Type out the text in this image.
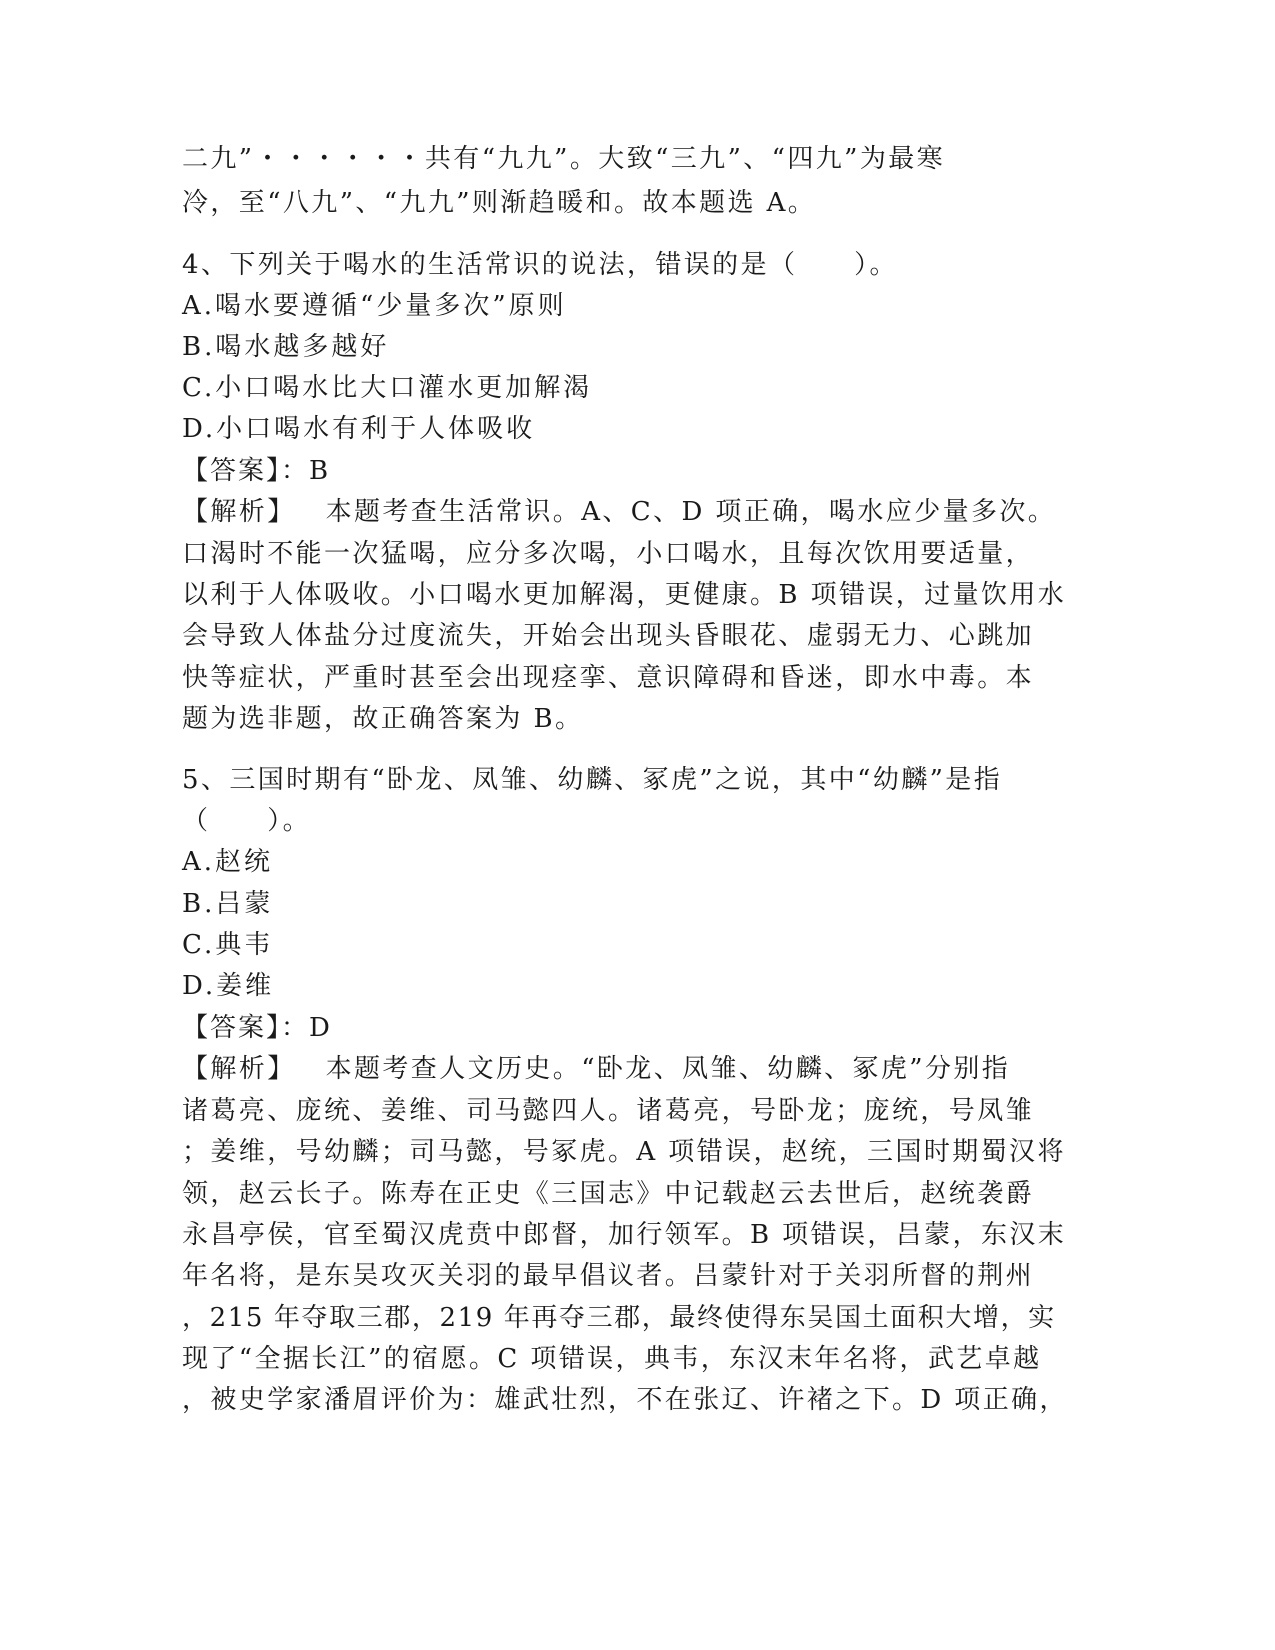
二九”・・・・・・共有“九九”。大致“三九”、“四九”为最寒
冷，至“八九”、“九九”则渐趋暖和。故本题选 A。
4、下列关于喝水的生活常识的说法，错误的是（　　）。
A.喝水要遵循“少量多次”原则
B.喝水越多越好
C.小口喝水比大口灌水更加解渴
D.小口喝水有利于人体吸收
【答案】：B
【解析】 本题考查生活常识。A、C、D 项正确，喝水应少量多次。
口渴时不能一次猛喝，应分多次喝，小口喝水，且每次饮用要适量，
以利于人体吸收。小口喝水更加解渴，更健康。B 项错误，过量饮用水
会导致人体盐分过度流失，开始会出现头昏眼花、虚弱无力、心跳加
快等症状，严重时甚至会出现痉挛、意识障碍和昏迷，即水中毒。本
题为选非题，故正确答案为 B。
5、三国时期有“卧龙、凤雏、幼麟、冢虎”之说，其中“幼麟”是指
（　　）。
A.赵统
B.吕蒙
C.典韦
D.姜维
【答案】：D
【解析】 本题考查人文历史。“卧龙、凤雏、幼麟、冢虎”分别指
诸葛亮、庞统、姜维、司马懿四人。诸葛亮，号卧龙；庞统，号凤雏
；姜维，号幼麟；司马懿，号冢虎。A 项错误，赵统，三国时期蜀汉将
领，赵云长子。陈寿在正史《三国志》中记载赵云去世后，赵统袭爵
永昌亭侯，官至蜀汉虎贲中郎督，加行领军。B 项错误，吕蒙，东汉末
年名将，是东吴攻灭关羽的最早倡议者。吕蒙针对于关羽所督的荆州
，215 年夺取三郡，219 年再夺三郡，最终使得东吴国土面积大增，实
现了“全据长江”的宿愿。C 项错误，典韦，东汉末年名将，武艺卓越
，被史学家潘眉评价为：雄武壮烈，不在张辽、许褚之下。D 项正确，
